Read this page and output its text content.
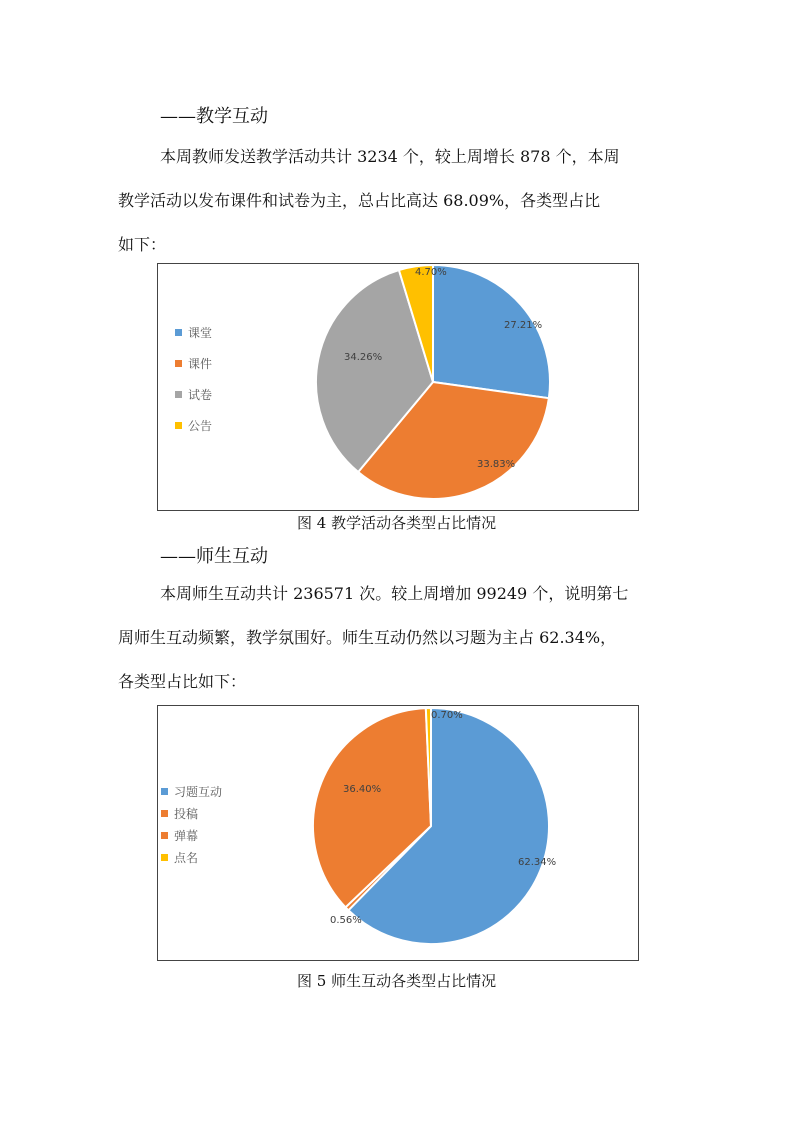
——教学互动
本周教师发送教学活动共计 3234 个，较上周增长 878 个，本周
教学活动以发布课件和试卷为主，总占比高达 68.09%，各类型占比
如下：
27.21%
33.83%
34.26%
4.70%
课堂
课件
试卷
公告
图 4 教学活动各类型占比情况
——师生互动
本周师生互动共计 236571 次。较上周增加 99249 个，说明第七
周师生互动频繁，教学氛围好。师生互动仍然以习题为主占 62.34%，
各类型占比如下：
62.34%
0.56%
36.40%
0.70%
习题互动
投稿
弹幕
点名
图 5 师生互动各类型占比情况
